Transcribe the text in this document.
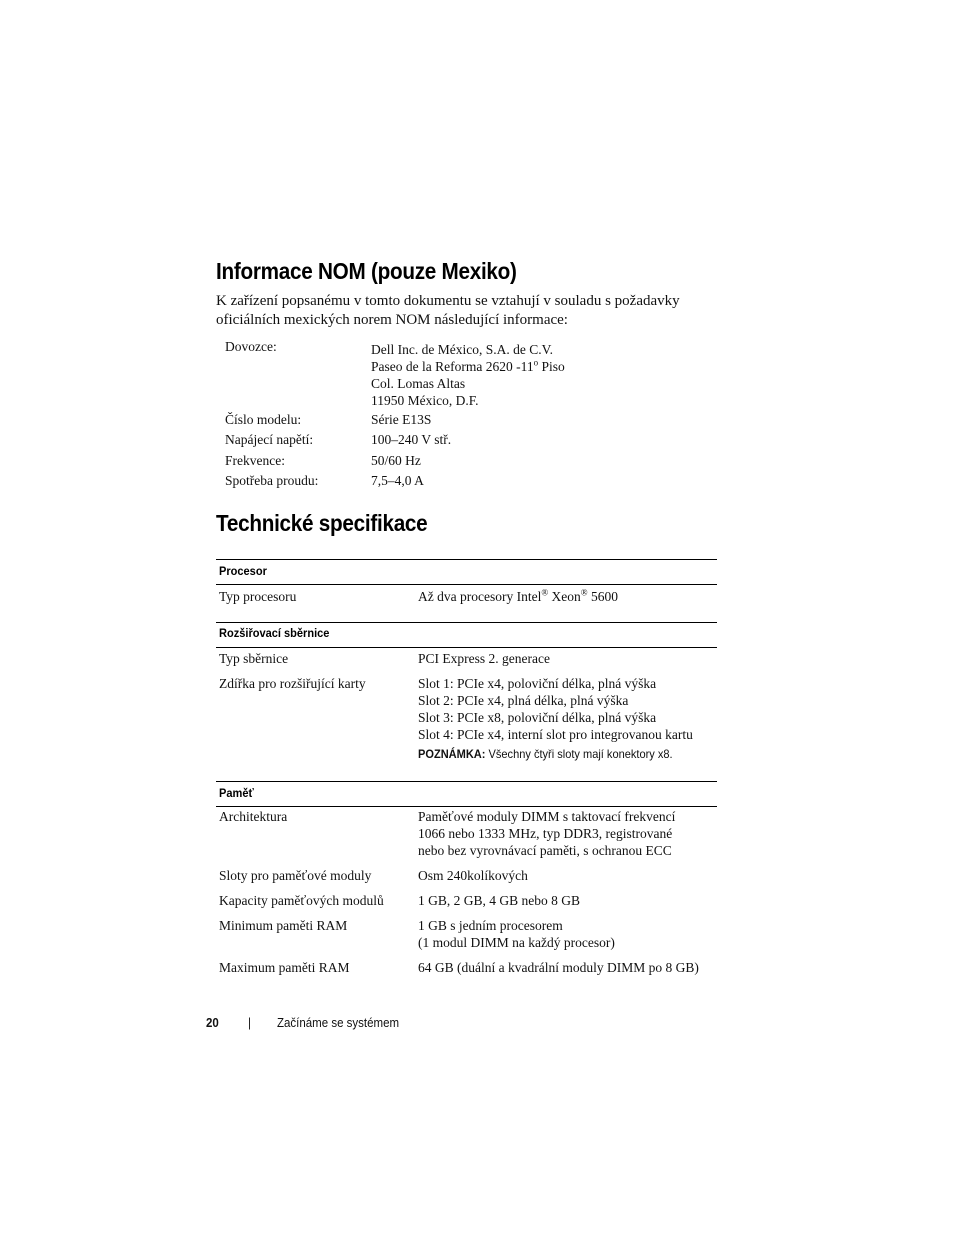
Informace NOM (pouze Mexiko)
K zařízení popsanému v tomto dokumentu se vztahují v souladu s požadavky
oficiálních mexických norem NOM následující informace:
Dovozce:	Dell Inc. de México, S.A. de C.V.
Paseo de la Reforma 2620 -11$^o$ Piso
Col. Lomas Altas
11950 México, D.F.
Číslo modelu:	Série E13S
Napájecí napětí:	100–240 V stř.
Frekvence:	50/60 Hz
Spotřeba proudu:	7,5–4,0 A
Technické specifikace
Procesor
Typ procesoru	Až dva procesory Intel® Xeon® 5600
Rozšiřovací sběrnice
Typ sběrnice	PCI Express 2. generace
Zdířka pro rozšiřující karty	Slot 1: PCIe x4, poloviční délka, plná výška
Slot 2: PCIe x4, plná délka, plná výška
Slot 3: PCIe x8, poloviční délka, plná výška
Slot 4: PCIe x4, interní slot pro integrovanou kartu
POZNÁMKA: Všechny čtyři sloty mají konektory x8.
Paměť
Architektura	Paměťové moduly DIMM s taktovací frekvencí
1066 nebo 1333 MHz, typ DDR3, registrované
nebo bez vyrovnávací paměti, s ochranou ECC
Sloty pro paměťové moduly	Osm 240kolíkových
Kapacity paměťových modulů	1 GB, 2 GB, 4 GB nebo 8 GB
Minimum paměti RAM	1 GB s jedním procesorem
(1 modul DIMM na každý procesor)
Maximum paměti RAM	64 GB (duální a kvadrální moduly DIMM po 8 GB)
20 | Začínáme se systémem
